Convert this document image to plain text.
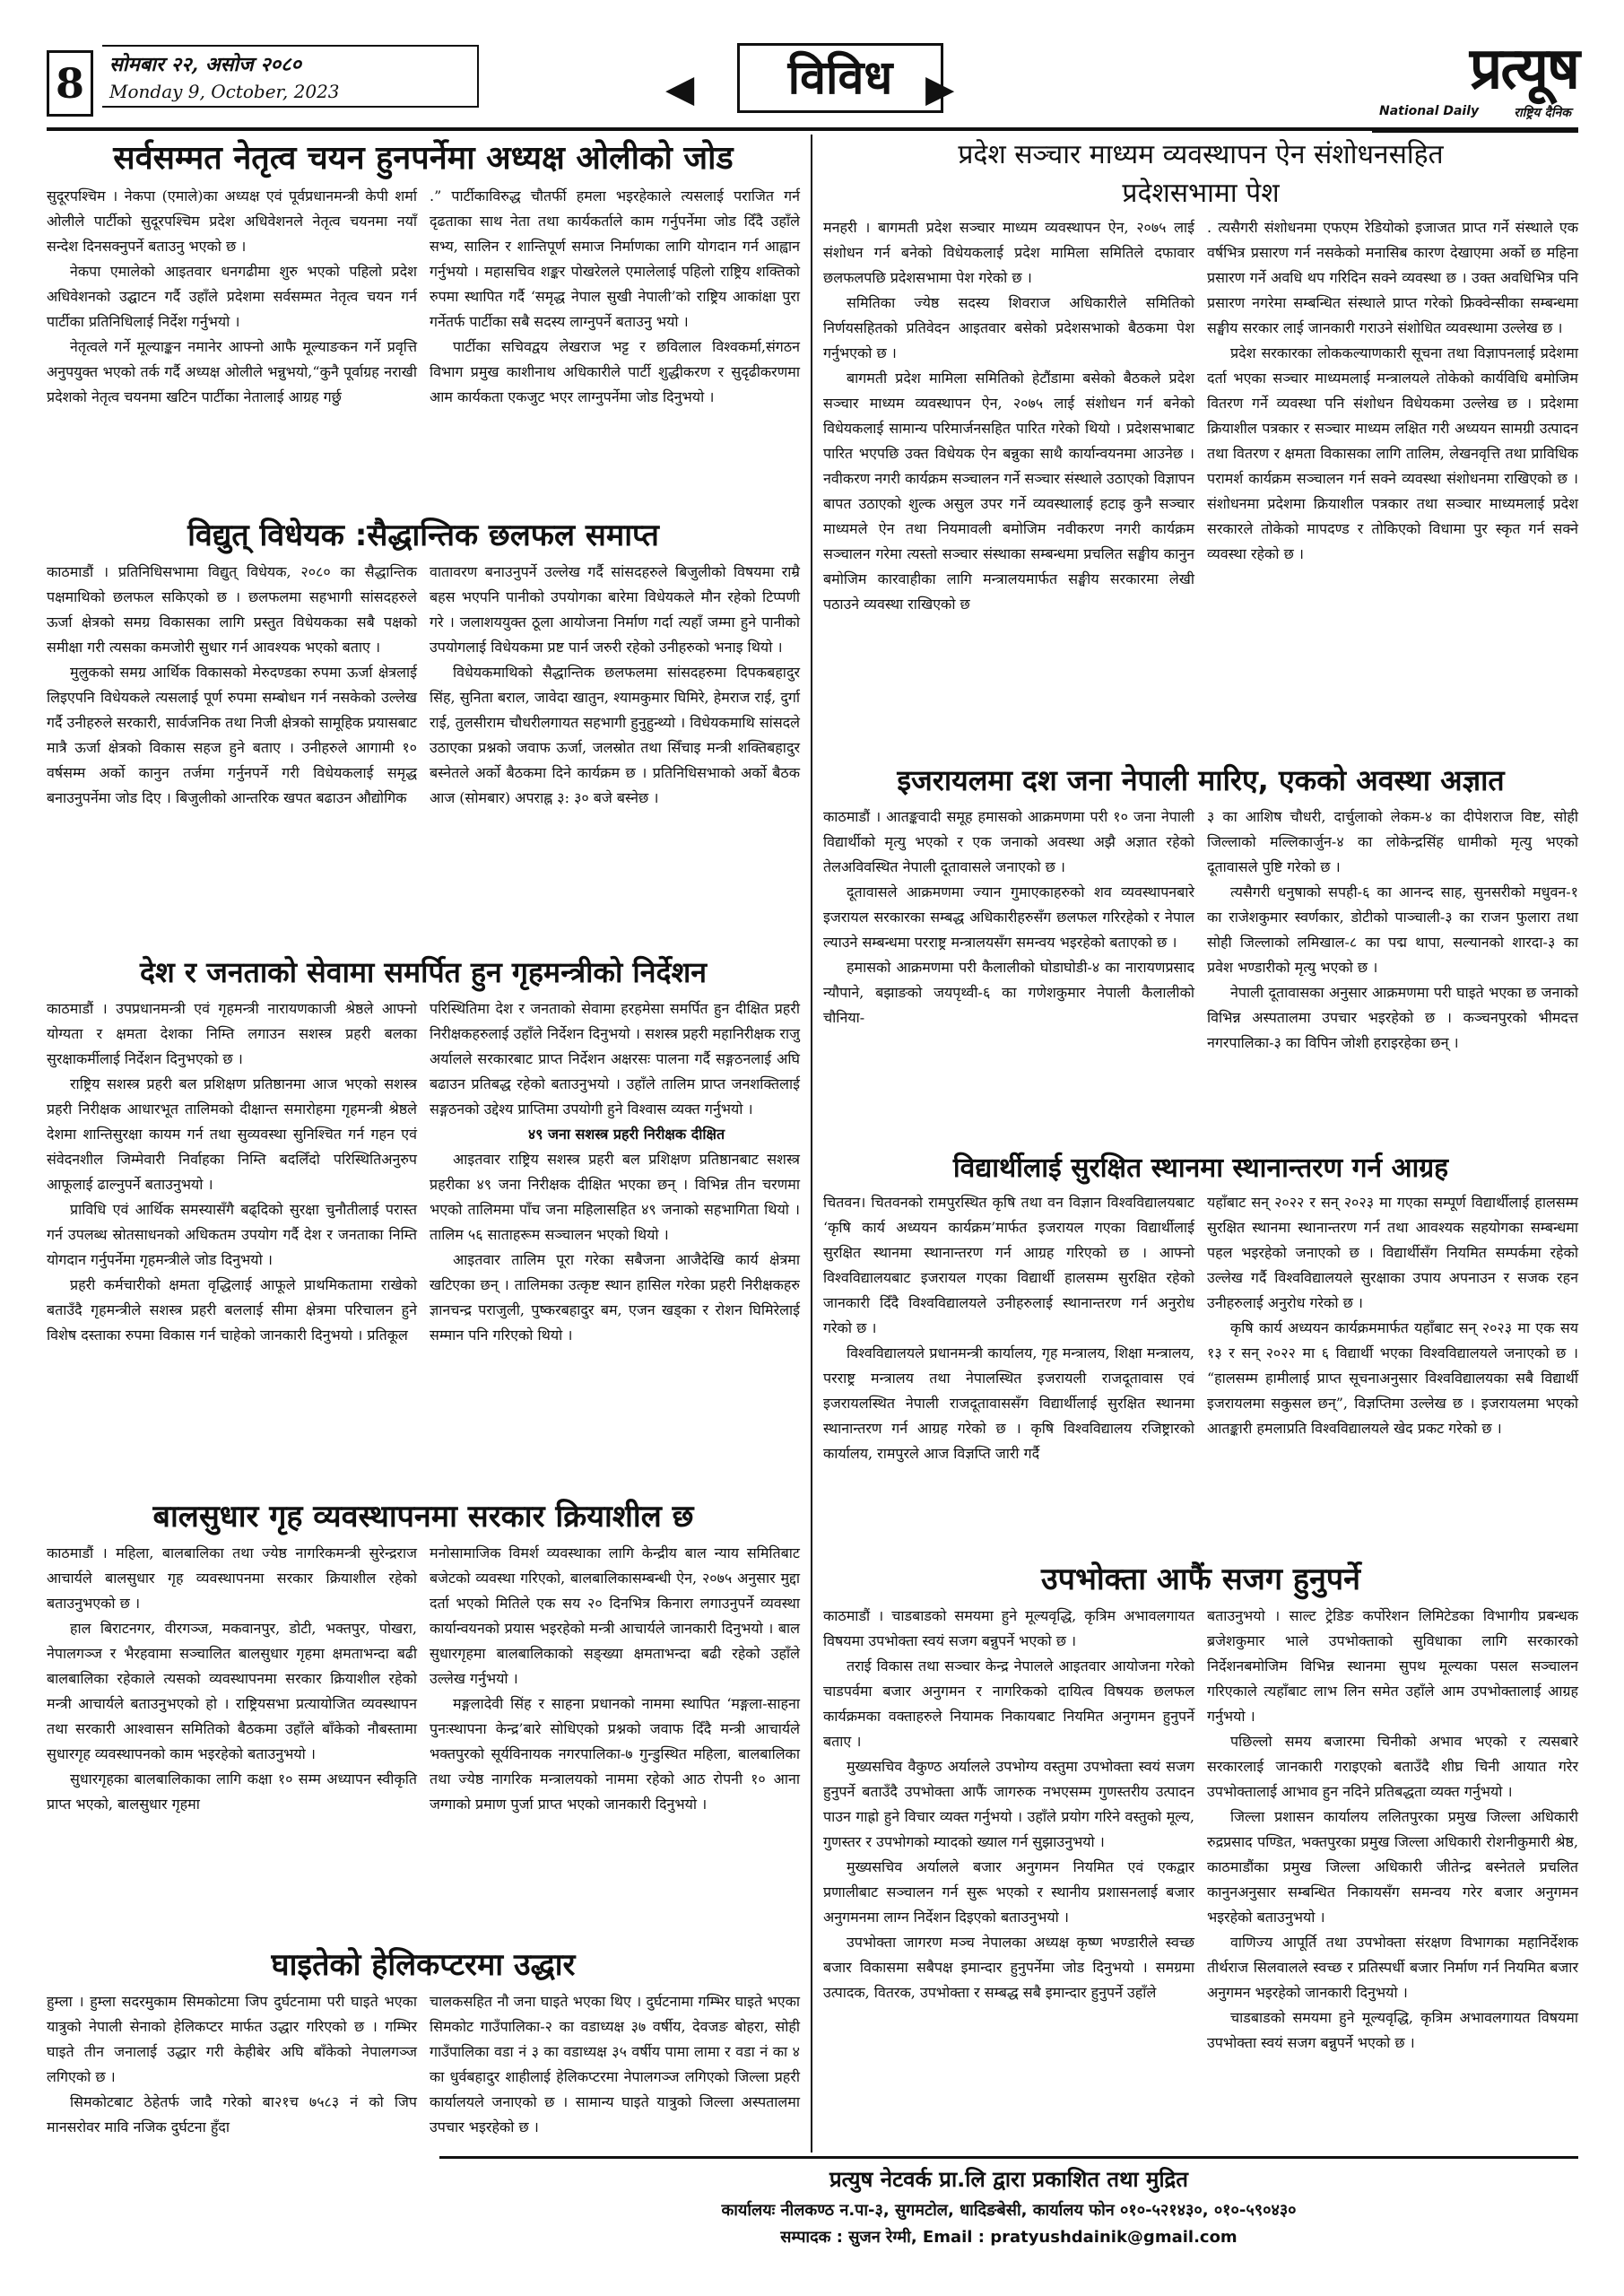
8	सोमबार २२, असोज २०८०
Monday 9, October, 2023	◀	▶
विविध	प्रत्यूष
National Daily	राष्ट्रिय दैनिक
सर्वसम्मत नेतृत्व चयन हुनपर्नेमा अध्यक्ष ओलीको जोड

सुदूरपश्चिम । नेकपा (एमाले)का अध्यक्ष एवं पूर्वप्रधानमन्त्री केपी शर्मा ओलीले पार्टीको सुदूरपश्चिम प्रदेश अधिवेशनले नेतृत्व चयनमा नयाँ सन्देश दिनसक्नुपर्ने बताउनु भएको छ ।

नेकपा एमालेको आइतवार धनगढीमा शुरु भएको पहिलो प्रदेश अधिवेशनको उद्घाटन गर्दै उहाँले प्रदेशमा सर्वसम्मत नेतृत्व चयन गर्न पार्टीका प्रतिनिधिलाई निर्देश गर्नुभयो ।

नेतृत्वले गर्ने मूल्याङ्कन नमानेर आफ्नो आफै मूल्याङकन गर्ने प्रवृत्ति अनुपयुक्त भएको तर्क गर्दै अध्यक्ष ओलीले भन्नुभयो,“कुनै पूर्वाग्रह नराखी प्रदेशको नेतृत्व चयनमा खटिन पार्टीका नेतालाई आग्रह गर्छु

.” पार्टीकाविरुद्ध चौतर्फी हमला भइरहेकाले त्यसलाई पराजित गर्न दृढताका साथ नेता तथा कार्यकर्ताले काम गर्नुपर्नेमा जोड दिँदै उहाँले सभ्य, सालिन र शान्तिपूर्ण समाज निर्माणका लागि योगदान गर्न आह्वान गर्नुभयो । महासचिव शङ्कर पोखरेलले एमालेलाई पहिलो राष्ट्रिय शक्तिको रुपमा स्थापित गर्दै ‘समृद्ध नेपाल सुखी नेपाली’को राष्ट्रिय आकांक्षा पुरा गर्नेतर्फ पार्टीका सबै सदस्य लाग्नुपर्ने बताउनु भयो ।

पार्टीका सचिवद्वय लेखराज भट्ट र छविलाल विश्वकर्मा,संगठन विभाग प्रमुख काशीनाथ अधिकारीले पार्टी शुद्धीकरण र सुदृढीकरणमा आम कार्यकता एकजुट भएर लाग्नुपर्नेमा जोड दिनुभयो ।

विद्युत् विधेयक :सैद्धान्तिक छलफल समाप्त

काठमाडौं । प्रतिनिधिसभामा विद्युत् विधेयक, २०८० का सैद्धान्तिक पक्षमाथिको छलफल सकिएको छ । छलफलमा सहभागी सांसदहरुले ऊर्जा क्षेत्रको समग्र विकासका लागि प्रस्तुत विधेयकका सबै पक्षको समीक्षा गरी त्यसका कमजोरी सुधार गर्न आवश्यक भएको बताए ।

मुलुकको समग्र आर्थिक विकासको मेरुदण्डका रुपमा ऊर्जा क्षेत्रलाई लिइएपनि विधेयकले त्यसलाई पूर्ण रुपमा सम्बोधन गर्न नसकेको उल्लेख गर्दै उनीहरुले सरकारी, सार्वजनिक तथा निजी क्षेत्रको सामूहिक प्रयासबाट मात्रै ऊर्जा क्षेत्रको विकास सहज हुने बताए । उनीहरुले आगामी १० वर्षसम्म अर्को कानुन तर्जमा गर्नुनपर्ने गरी विधेयकलाई समृद्ध बनाउनुपर्नेमा जोड दिए । बिजुलीको आन्तरिक खपत बढाउन औद्योगिक

वातावरण बनाउनुपर्ने उल्लेख गर्दै सांसदहरुले बिजुलीको विषयमा राम्रै बहस भएपनि पानीको उपयोगका बारेमा विधेयकले मौन रहेको टिप्पणी गरे । जलाशययुक्त ठूला आयोजना निर्माण गर्दा त्यहाँ जम्मा हुने पानीको उपयोगलाई विधेयकमा प्रष्ट पार्न जरुरी रहेको उनीहरुको भनाइ थियो ।

विधेयकमाथिको सैद्धान्तिक छलफलमा सांसदहरुमा दिपकबहादुर सिंह, सुनिता बराल, जावेदा खातुन, श्यामकुमार घिमिरे, हेमराज राई, दुर्गा राई, तुलसीराम चौधरीलगायत सहभागी हुनुहुन्थ्यो । विधेयकमाथि सांसदले उठाएका प्रश्नको जवाफ ऊर्जा, जलस्रोत तथा सिँचाइ मन्त्री शक्तिबहादुर बस्नेतले अर्को बैठकमा दिने कार्यक्रम छ । प्रतिनिधिसभाको अर्को बैठक आज (सोमबार) अपराह्न ३: ३० बजे बस्नेछ ।

देश र जनताको सेवामा समर्पित हुन गृहमन्त्रीको निर्देशन

काठमाडौं । उपप्रधानमन्त्री एवं गृहमन्त्री नारायणकाजी श्रेष्ठले आफ्नो योग्यता र क्षमता देशका निम्ति लगाउन सशस्त्र प्रहरी बलका सुरक्षाकर्मीलाई निर्देशन दिनुभएको छ ।

राष्ट्रिय सशस्त्र प्रहरी बल प्रशिक्षण प्रतिष्ठानमा आज भएको सशस्त्र प्रहरी निरीक्षक आधारभूत तालिमको दीक्षान्त समारोहमा गृहमन्त्री श्रेष्ठले देशमा शान्तिसुरक्षा कायम गर्न तथा सुव्यवस्था सुनिश्चित गर्न गहन एवं संवेदनशील जिम्मेवारी निर्वाहका निम्ति बदलिँदो परिस्थितिअनुरुप आफूलाई ढाल्नुपर्ने बताउनुभयो ।

प्राविधि एवं आर्थिक समस्यासँगै बढ्दिको सुरक्षा चुनौतीलाई परास्त गर्न उपलब्ध स्रोतसाधनको अधिकतम उपयोग गर्दै देश र जनताका निम्ति योगदान गर्नुपर्नेमा गृहमन्त्रीले जोड दिनुभयो ।

प्रहरी कर्मचारीको क्षमता वृद्धिलाई आफूले प्राथमिकतामा राखेको बताउँदै गृहमन्त्रीले सशस्त्र प्रहरी बललाई सीमा क्षेत्रमा परिचालन हुने विशेष दस्ताका रुपमा विकास गर्न चाहेको जानकारी दिनुभयो । प्रतिकूल

परिस्थितिमा देश र जनताको सेवामा हरहमेसा समर्पित हुन दीक्षित प्रहरी निरीक्षकहरुलाई उहाँले निर्देशन दिनुभयो । सशस्त्र प्रहरी महानिरीक्षक राजु अर्यालले सरकारबाट प्राप्त निर्देशन अक्षरसः पालना गर्दै सङ्गठनलाई अघि बढाउन प्रतिबद्ध रहेको बताउनुभयो । उहाँले तालिम प्राप्त जनशक्तिलाई सङ्गठनको उद्देश्य प्राप्तिमा उपयोगी हुने विश्वास व्यक्त गर्नुभयो ।

४९ जना सशस्त्र प्रहरी निरीक्षक दीक्षित

आइतवार राष्ट्रिय सशस्त्र प्रहरी बल प्रशिक्षण प्रतिष्ठानबाट सशस्त्र प्रहरीका ४९ जना निरीक्षक दीक्षित भएका छन् । विभिन्न तीन चरणमा भएको तालिममा पाँच जना महिलासहित ४९ जनाको सहभागिता थियो । तालिम ५६ साताहरूम सञ्चालन भएको थियो ।

आइतवार तालिम पूरा गरेका सबैजना आजैदेखि कार्य क्षेत्रमा खटिएका छन् । तालिमका उत्कृष्ट स्थान हासिल गरेका प्रहरी निरीक्षकहरु ज्ञानचन्द्र पराजुली, पुष्करबहादुर बम, एजन खड्का र रोशन घिमिरेलाई सम्मान पनि गरिएको थियो ।

बालसुधार गृह व्यवस्थापनमा सरकार क्रियाशील छ

काठमाडौं । महिला, बालबालिका तथा ज्येष्ठ नागरिकमन्त्री सुरेन्द्रराज आचार्यले बालसुधार गृह व्यवस्थापनमा सरकार क्रियाशील रहेको बताउनुभएको छ ।

हाल बिराटनगर, वीरगञ्ज, मकवानपुर, डोटी, भक्तपुर, पोखरा, नेपालगञ्ज र भैरहवामा सञ्चालित बालसुधार गृहमा क्षमताभन्दा बढी बालबालिका रहेकाले त्यसको व्यवस्थापनमा सरकार क्रियाशील रहेको मन्त्री आचार्यले बताउनुभएको हो । राष्ट्रियसभा प्रत्यायोजित व्यवस्थापन तथा सरकारी आश्वासन समितिको बैठकमा उहाँले बाँकेको नौबस्तामा सुधारगृह व्यवस्थापनको काम भइरहेको बताउनुभयो ।

सुधारगृहका बालबालिकाका लागि कक्षा १० सम्म अध्यापन स्वीकृति प्राप्त भएको, बालसुधार गृहमा

मनोसामाजिक विमर्श व्यवस्थाका लागि केन्द्रीय बाल न्याय समितिबाट बजेटको व्यवस्था गरिएको, बालबालिकासम्बन्धी ऐन, २०७५ अनुसार मुद्दा दर्ता भएको मितिले एक सय २० दिनभित्र किनारा लगाउनुपर्ने व्यवस्था कार्यान्वयनको प्रयास भइरहेको मन्त्री आचार्यले जानकारी दिनुभयो । बाल सुधारगृहमा बालबालिकाको सङ्ख्या क्षमताभन्दा बढी रहेको उहाँले उल्लेख गर्नुभयो ।

मङ्गलादेवी सिंह र साहना प्रधानको नाममा स्थापित ‘मङ्गला-साहना पुनःस्थापना केन्द्र’बारे सोधिएको प्रश्नको जवाफ दिँदै मन्त्री आचार्यले भक्तपुरको सूर्यविनायक नगरपालिका-७ गुन्डुस्थित महिला, बालबालिका तथा ज्येष्ठ नागरिक मन्त्रालयको नाममा रहेको आठ रोपनी १० आना जग्गाको प्रमाण पुर्जा प्राप्त भएको जानकारी दिनुभयो ।

घाइतेको हेलिकप्टरमा उद्धार

हुम्ला । हुम्ला सदरमुकाम सिमकोटमा जिप दुर्घटनामा परी घाइते भएका यात्रुको नेपाली सेनाको हेलिकप्टर मार्फत उद्धार गरिएको छ । गम्भिर घाइते तीन जनालाई उद्धार गरी केहीबेर अघि बाँकेको नेपालगञ्ज लगिएको छ ।

सिमकोटबाट ठेहेतर्फ जादै गरेको बा२१च ७५८३ नं को जिप मानसरोवर मावि नजिक दुर्घटना हुँदा

चालकसहित नौ जना घाइते भएका थिए । दुर्घटनामा गम्भिर घाइते भएका सिमकोट गाउँपालिका-२ का वडाध्यक्ष ३७ वर्षीय, देवजङ बोहरा, सोही गाउँपालिका वडा नं ३ का वडाध्यक्ष ३५ वर्षीय पामा लामा र वडा नं का ४ का धुर्वबहादुर शाहीलाई हेलिकप्टरमा नेपालगञ्ज लगिएको जिल्ला प्रहरी कार्यालयले जनाएको छ । सामान्य घाइते यात्रुको जिल्ला अस्पतालमा उपचार भइरहेको छ ।

प्रदेश सञ्चार माध्यम व्यवस्थापन ऐन संशोधनसहित
प्रदेशसभामा पेश

मनहरी । बागमती प्रदेश सञ्चार माध्यम व्यवस्थापन ऐन, २०७५ लाई संशोधन गर्न बनेको विधेयकलाई प्रदेश मामिला समितिले दफावार छलफलपछि प्रदेशसभामा पेश गरेको छ ।

समितिका ज्येष्ठ सदस्य शिवराज अधिकारीले समितिको निर्णयसहितको प्रतिवेदन आइतवार बसेको प्रदेशसभाको बैठकमा पेश गर्नुभएको छ ।

बागमती प्रदेश मामिला समितिको हेटौंडामा बसेको बैठकले प्रदेश सञ्चार माध्यम व्यवस्थापन ऐन, २०७५ लाई संशोधन गर्न बनेको विधेयकलाई सामान्य परिमार्जनसहित पारित गरेको थियो । प्रदेशसभाबाट पारित भएपछि उक्त विधेयक ऐन बन्नुका साथै कार्यान्वयनमा आउनेछ । नवीकरण नगरी कार्यक्रम सञ्चालन गर्ने सञ्चार संस्थाले उठाएको विज्ञापन बापत उठाएको शुल्क असुल उपर गर्ने व्यवस्थालाई हटाइ कुनै सञ्चार माध्यमले ऐन तथा नियमावली बमोजिम नवीकरण नगरी कार्यक्रम सञ्चालन गरेमा त्यस्तो सञ्चार संस्थाका सम्बन्धमा प्रचलित सङ्घीय कानुन बमोजिम कारवाहीका लागि मन्त्रालयमार्फत सङ्घीय सरकारमा लेखी पठाउने व्यवस्था राखिएको छ

. त्यसैगरी संशोधनमा एफएम रेडियोको इजाजत प्राप्त गर्ने संस्थाले एक वर्षभित्र प्रसारण गर्न नसकेको मनासिब कारण देखाएमा अर्को छ महिना प्रसारण गर्ने अवधि थप गरिदिन सक्ने व्यवस्था छ । उक्त अवधिभित्र पनि प्रसारण नगरेमा सम्बन्धित संस्थाले प्राप्त गरेको फ्रिक्वेन्सीका सम्बन्धमा सङ्घीय सरकार लाई जानकारी गराउने संशोधित व्यवस्थामा उल्लेख छ ।

प्रदेश सरकारका लोककल्याणकारी सूचना तथा विज्ञापनलाई प्रदेशमा दर्ता भएका सञ्चार माध्यमलाई मन्त्रालयले तोकेको कार्यविधि बमोजिम वितरण गर्ने व्यवस्था पनि संशोधन विधेयकमा उल्लेख छ । प्रदेशमा क्रियाशील पत्रकार र सञ्चार माध्यम लक्षित गरी अध्ययन सामग्री उत्पादन तथा वितरण र क्षमता विकासका लागि तालिम, लेखनवृत्ति तथा प्राविधिक परामर्श कार्यक्रम सञ्चालन गर्न सक्ने व्यवस्था संशोधनमा राखिएको छ । संशोधनमा प्रदेशमा क्रियाशील पत्रकार तथा सञ्चार माध्यमलाई प्रदेश सरकारले तोकेको मापदण्ड र तोकिएको विधामा पुर स्कृत गर्न सक्ने व्यवस्था रहेको छ ।

इजरायलमा दश जना नेपाली मारिए, एकको अवस्था अज्ञात

काठमाडौं । आतङ्कवादी समूह हमासको आक्रमणमा परी १० जना नेपाली विद्यार्थीको मृत्यु भएको र एक जनाको अवस्था अझै अज्ञात रहेको तेलअविवस्थित नेपाली दूतावासले जनाएको छ ।

दूतावासले आक्रमणमा ज्यान गुमाएकाहरुको शव व्यवस्थापनबारे इजरायल सरकारका सम्बद्ध अधिकारीहरुसँग छलफल गरिरहेको र नेपाल ल्याउने सम्बन्धमा परराष्ट्र मन्त्रालयसँग समन्वय भइरहेको बताएको छ ।

हमासको आक्रमणमा परी कैलालीको घोडाघोडी-४ का नारायणप्रसाद न्यौपाने, बझाङको जयपृथ्वी-६ का गणेशकुमार नेपाली कैलालीको चौनिया-

३ का आशिष चौधरी, दार्चुलाको लेकम-४ का दीपेशराज विष्ट, सोही जिल्लाको मल्लिकार्जुन-४ का लोकेन्द्रसिंह धामीको मृत्यु भएको दूतावासले पुष्टि गरेको छ ।

त्यसैगरी धनुषाको सपही-६ का आनन्द साह, सुनसरीको मधुवन-१ का राजेशकुमार स्वर्णकार, डोटीको पाञ्चाली-३ का राजन फुलारा तथा सोही जिल्लाको लमिखाल-८ का पद्म थापा, सल्यानको शारदा-३ का प्रवेश भण्डारीको मृत्यु भएको छ ।

नेपाली दूतावासका अनुसार आक्रमणमा परी घाइते भएका छ जनाको विभिन्न अस्पतालमा उपचार भइरहेको छ । कञ्चनपुरको भीमदत्त नगरपालिका-३ का विपिन जोशी हराइरहेका छन् ।

विद्यार्थीलाई सुरक्षित स्थानमा स्थानान्तरण गर्न आग्रह

चितवन। चितवनको रामपुरस्थित कृषि तथा वन विज्ञान विश्वविद्यालयबाट ‘कृषि कार्य अध्ययन कार्यक्रम’मार्फत इजरायल गएका विद्यार्थीलाई सुरक्षित स्थानमा स्थानान्तरण गर्न आग्रह गरिएको छ । आफ्नो विश्वविद्यालयबाट इजरायल गएका विद्यार्थी हालसम्म सुरक्षित रहेको जानकारी दिँदै विश्वविद्यालयले उनीहरुलाई स्थानान्तरण गर्न अनुरोध गरेको छ ।

विश्वविद्यालयले प्रधानमन्त्री कार्यालय, गृह मन्त्रालय, शिक्षा मन्त्रालय, परराष्ट्र मन्त्रालय तथा नेपालस्थित इजरायली राजदूतावास एवं इजरायलस्थित नेपाली राजदूतावाससँग विद्यार्थीलाई सुरक्षित स्थानमा स्थानान्तरण गर्न आग्रह गरेको छ । कृषि विश्वविद्यालय रजिष्ट्रारको कार्यालय, रामपुरले आज विज्ञप्ति जारी गर्दै

यहाँबाट सन् २०२२ र सन् २०२३ मा गएका सम्पूर्ण विद्यार्थीलाई हालसम्म सुरक्षित स्थानमा स्थानान्तरण गर्न तथा आवश्यक सहयोगका सम्बन्धमा पहल भइरहेको जनाएको छ । विद्यार्थीसँग नियमित सम्पर्कमा रहेको उल्लेख गर्दै विश्वविद्यालयले सुरक्षाका उपाय अपनाउन र सजक रहन उनीहरुलाई अनुरोध गरेको छ ।

कृषि कार्य अध्ययन कार्यक्रममार्फत यहाँबाट सन् २०२३ मा एक सय १३ र सन् २०२२ मा ६ विद्यार्थी भएका विश्वविद्यालयले जनाएको छ । “हालसम्म हामीलाई प्राप्त सूचनाअनुसार विश्वविद्यालयका सबै विद्यार्थी इजरायलमा सकुसल छन्”, विज्ञप्तिमा उल्लेख छ । इजरायलमा भएको आतङ्कारी हमलाप्रति विश्वविद्यालयले खेद प्रकट गरेको छ ।

उपभोक्ता आफैं सजग हुनुपर्ने

काठमाडौं । चाडबाडको समयमा हुने मूल्यवृद्धि, कृत्रिम अभावलगायत विषयमा उपभोक्ता स्वयं सजग बन्नुपर्ने भएको छ ।

तराई विकास तथा सञ्चार केन्द्र नेपालले आइतवार आयोजना गरेको चाडपर्वमा बजार अनुगमन र नागरिकको दायित्व विषयक छलफल कार्यक्रमका वक्ताहरुले नियामक निकायबाट नियमित अनुगमन हुनुपर्ने बताए ।

मुख्यसचिव वैकुण्ठ अर्यालले उपभोग्य वस्तुमा उपभोक्ता स्वयं सजग हुनुपर्ने बताउँदै उपभोक्ता आफैं जागरुक नभएसम्म गुणस्तरीय उत्पादन पाउन गाह्रो हुने विचार व्यक्त गर्नुभयो । उहाँले प्रयोग गरिने वस्तुको मूल्य, गुणस्तर र उपभोगको म्यादको ख्याल गर्न सुझाउनुभयो ।

मुख्यसचिव अर्यालले बजार अनुगमन नियमित एवं एकद्वार प्रणालीबाट सञ्चालन गर्न सुरू भएको र स्थानीय प्रशासनलाई बजार अनुगमनमा लाग्न निर्देशन दिइएको बताउनुभयो ।

उपभोक्ता जागरण मञ्च नेपालका अध्यक्ष कृष्ण भण्डारीले स्वच्छ बजार विकासमा सबैपक्ष इमान्दार हुनुपर्नेमा जोड दिनुभयो । समग्रमा उत्पादक, वितरक, उपभोक्ता र सम्बद्ध सबै इमान्दार हुनुपर्ने उहाँले

बताउनुभयो । साल्ट ट्रेडिङ कर्पोरेशन लिमिटेडका विभागीय प्रबन्धक ब्रजेशकुमार भाले उपभोक्ताको सुविधाका लागि सरकारको निर्देशनबमोजिम विभिन्न स्थानमा सुपथ मूल्यका पसल सञ्चालन गरिएकाले त्यहाँबाट लाभ लिन समेत उहाँले आम उपभोक्तालाई आग्रह गर्नुभयो ।

पछिल्लो समय बजारमा चिनीको अभाव भएको र त्यसबारे सरकारलाई जानकारी गराइएको बताउँदै शीघ्र चिनी आयात गरेर उपभोक्तालाई आभाव हुन नदिने प्रतिबद्धता व्यक्त गर्नुभयो ।

जिल्ला प्रशासन कार्यालय ललितपुरका प्रमुख जिल्ला अधिकारी रुद्रप्रसाद पण्डित, भक्तपुरका प्रमुख जिल्ला अधिकारी रोशनीकुमारी श्रेष्ठ, काठमाडौंका प्रमुख जिल्ला अधिकारी जीतेन्द्र बस्नेतले प्रचलित कानुनअनुसार सम्बन्धित निकायसँग समन्वय गरेर बजार अनुगमन भइरहेको बताउनुभयो ।

वाणिज्य आपूर्ति तथा उपभोक्ता संरक्षण विभागका महानिर्देशक तीर्थराज सिलवालले स्वच्छ र प्रतिस्पर्धी बजार निर्माण गर्न नियमित बजार अनुगमन भइरहेको जानकारी दिनुभयो ।

चाडबाडको समयमा हुने मूल्यवृद्धि, कृत्रिम अभावलगायत विषयमा उपभोक्ता स्वयं सजग बन्नुपर्ने भएको छ ।

प्रत्युष नेटवर्क प्रा.लि द्वारा प्रकाशित तथा मुद्रित
कार्यालयः नीलकण्ठ न.पा-३, सुगमटोल, धादिङबेसी, कार्यालय फोन ०१०-५२१४३०, ०१०-५९०४३०
सम्पादक : सुजन रेग्मी, Email : pratyushdainik@gmail.com
